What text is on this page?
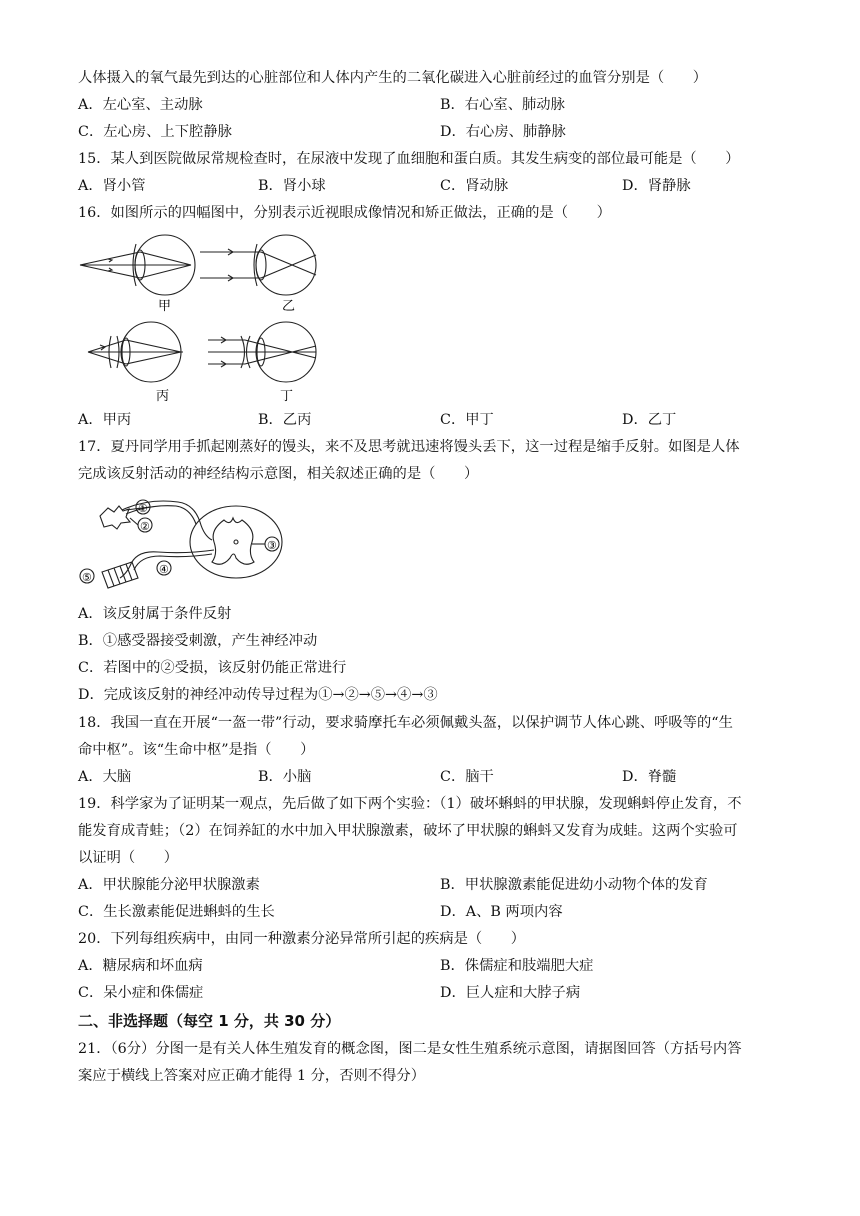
人体摄入的氧气最先到达的心脏部位和人体内产生的二氧化碳进入心脏前经过的血管分别是（　　）
A．左心室、主动脉	B．右心室、肺动脉
C．左心房、上下腔静脉	D．右心房、肺静脉
15．某人到医院做尿常规检查时，在尿液中发现了血细胞和蛋白质。其发生病变的部位最可能是（　　）
A．肾小管	B．肾小球	C．肾动脉	D．肾静脉
16．如图所示的四幅图中，分别表示近视眼成像情况和矫正做法，正确的是（　　）
甲	乙
丙	丁
A．甲丙	B．乙丙	C．甲丁	D．乙丁
17．夏丹同学用手抓起刚蒸好的馒头，来不及思考就迅速将馒头丢下，这一过程是缩手反射。如图是人体
完成该反射活动的神经结构示意图，相关叙述正确的是（　　）
①
②
③
④
⑤
A．该反射属于条件反射
B．①感受器接受刺激，产生神经冲动
C．若图中的②受损，该反射仍能正常进行
D．完成该反射的神经冲动传导过程为①→②→⑤→④→③
18．我国一直在开展“一盔一带”行动，要求骑摩托车必须佩戴头盔，以保护调节人体心跳、呼吸等的“生
命中枢”。该“生命中枢”是指（　　）
A．大脑	B．小脑	C．脑干	D．脊髓
19．科学家为了证明某一观点，先后做了如下两个实验：（1）破坏蝌蚪的甲状腺，发现蝌蚪停止发育，不
能发育成青蛙；（2）在饲养缸的水中加入甲状腺激素，破坏了甲状腺的蝌蚪又发育为成蛙。这两个实验可
以证明（　　）
A．甲状腺能分泌甲状腺激素	B．甲状腺激素能促进幼小动物个体的发育
C．生长激素能促进蝌蚪的生长	D．A、B 两项内容
20．下列每组疾病中，由同一种激素分泌异常所引起的疾病是（　　）
A．糖尿病和坏血病	B．侏儒症和肢端肥大症
C．呆小症和侏儒症	D．巨人症和大脖子病
二、非选择题（每空 1 分，共 30 分）
21．（6分）分图一是有关人体生殖发育的概念图，图二是女性生殖系统示意图，请据图回答（方括号内答
案应于横线上答案对应正确才能得 1 分，否则不得分）
